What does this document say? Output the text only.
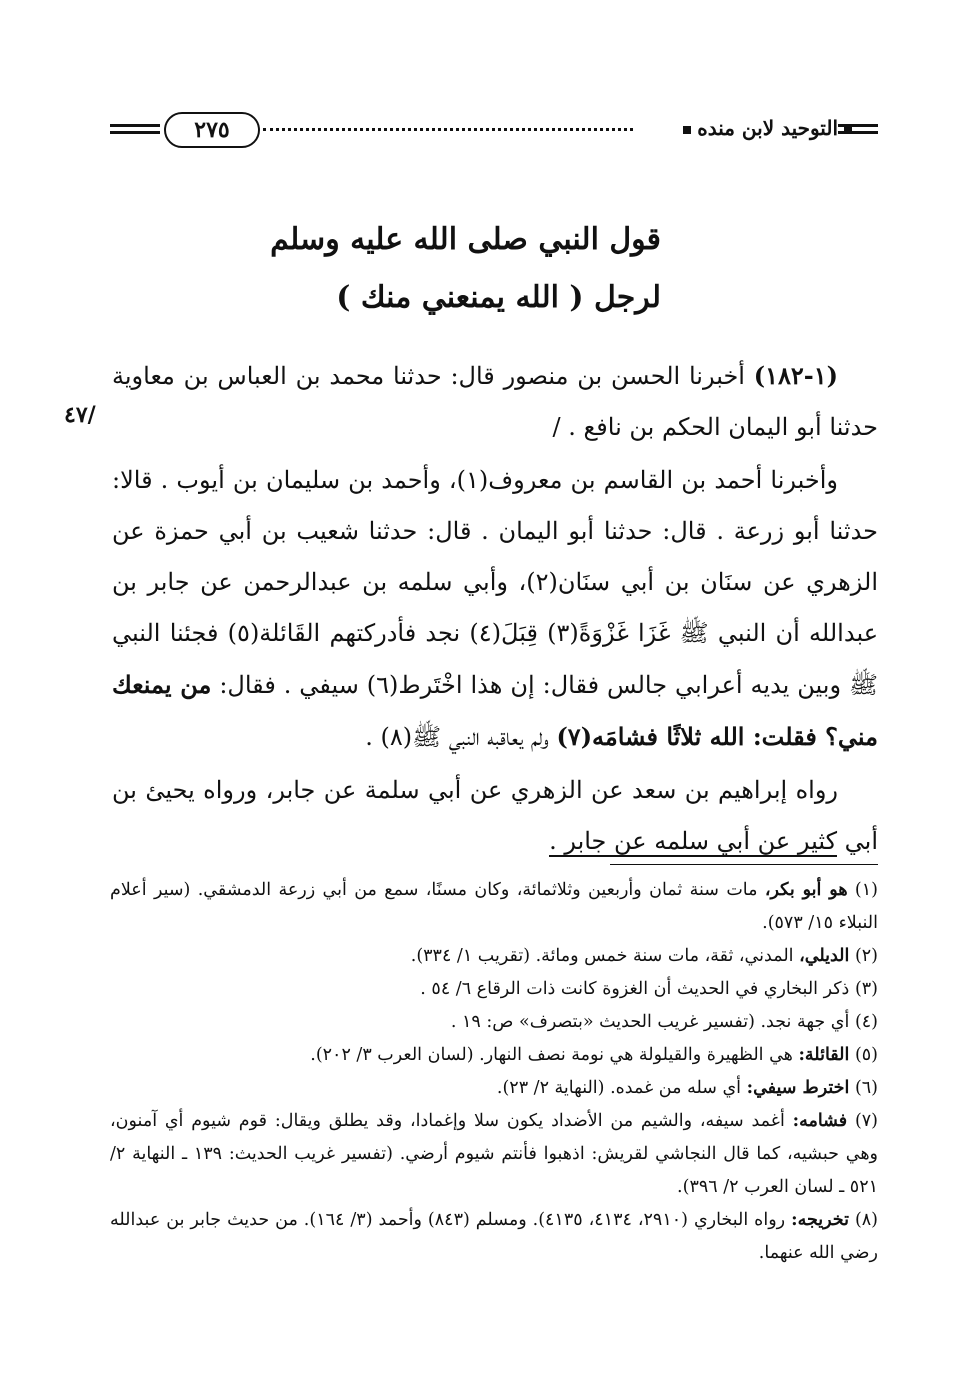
التوحيد لابن منده
٢٧٥
قول النبي صلى الله عليه وسلم
لرجل ( الله يمنعني منك )
/٤٧
(١-١٨٢) أخبرنا الحسن بن منصور قال: حدثنا محمد بن العباس بن معاوية حدثنا أبو اليمان الحكم بن نافع . /
وأخبرنا أحمد بن القاسم بن معروف(١)، وأحمد بن سليمان بن أيوب . قالا: حدثنا أبو زرعة . قال: حدثنا أبو اليمان . قال: حدثنا شعيب بن أبي حمزة عن الزهري عن سنَان بن أبي سنَان(٢)، وأبي سلمه بن عبدالرحمن عن جابر بن عبدالله أن النبي ﷺ غَزَا غَزْوَةً(٣) قِبَلَ(٤) نجد فأدركتهم القَائلة(٥) فجئنا النبي ﷺ وبين يديه أعرابي جالس فقال: إن هذا اخْتَرط(٦) سيفي . فقال: من يمنعك مني؟ فقلت: الله ثلاثًا فشامَه(٧) ولم يعاقبه النبي ﷺ(٨) .
رواه إبراهيم بن سعد عن الزهري عن أبي سلمة عن جابر، ورواه يحيئ بن أبي كثير عن أبي سلمه عن جابر .
(١) هو أبو بكر، مات سنة ثمان وأربعين وثلاثمائة، وكان مسنًا، سمع من أبي زرعة الدمشقي. (سير أعلام النبلاء ١٥/ ٥٧٣).
(٢) الديلي، المدني، ثقة، مات سنة خمس ومائة. (تقريب ١/ ٣٣٤).
(٣) ذكر البخاري في الحديث أن الغزوة كانت ذات الرقاع ٦/ ٥٤ .
(٤) أي جهة نجد. (تفسير غريب الحديث «بتصرف» ص: ١٩ .
(٥) القائلة: هي الظهيرة والقيلولة هي نومة نصف النهار. (لسان العرب ٣/ ٢٠٢).
(٦) اخترط سيفي: أي سله من غمده. (النهاية ٢/ ٢٣).
(٧) فشامه: أغمد سيفه، والشيم من الأضداد يكون سلا وإغمادا، وقد يطلق ويقال: قوم شيوم أي آمنون، وهي حبشيه، كما قال النجاشي لقريش: اذهبوا فأنتم شيوم أرضي. (تفسير غريب الحديث: ١٣٩ ـ النهاية ٢/ ٥٢١ ـ لسان العرب ٢/ ٣٩٦).
(٨) تخريجه: رواه البخاري (٢٩١٠، ٤١٣٤، ٤١٣٥). ومسلم (٨٤٣) وأحمد (٣/ ١٦٤). من حديث جابر بن عبدالله رضي الله عنهما.
